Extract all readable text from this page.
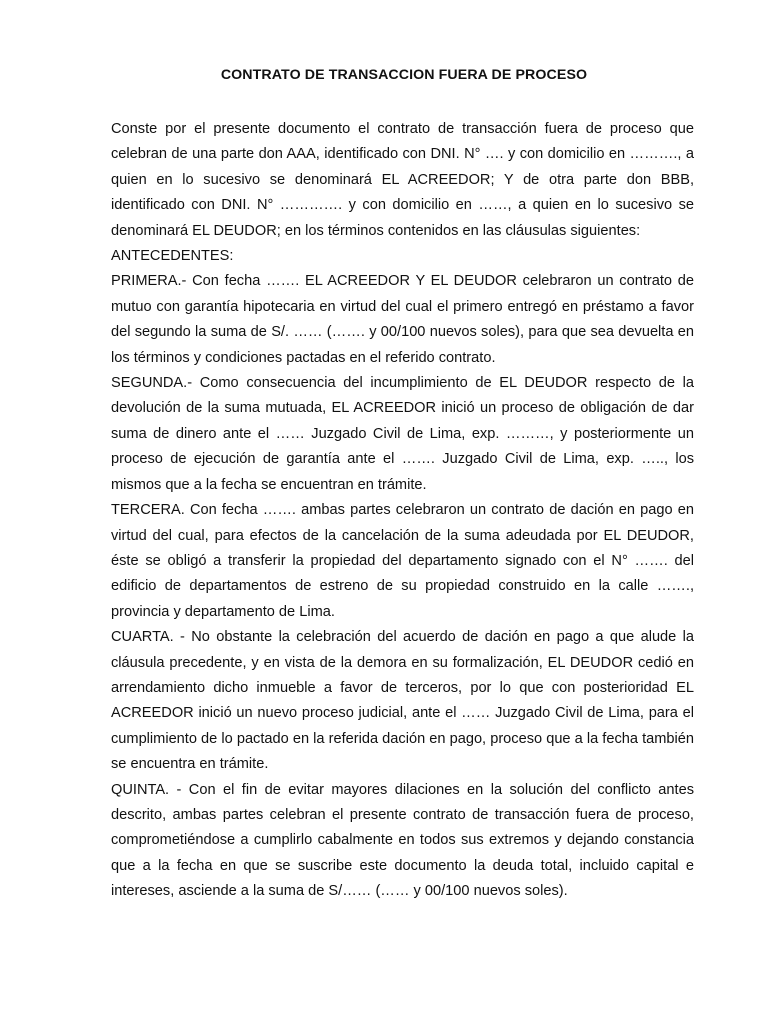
CONTRATO DE TRANSACCION FUERA DE PROCESO

Conste por el presente documento el contrato de transacción fuera de proceso que celebran de una parte don AAA, identificado con DNI. N° …. y con domicilio en ………., a quien en lo sucesivo se denominará EL ACREEDOR; Y de otra parte don BBB, identificado con DNI. N° …………. y con domicilio en ……, a quien en lo sucesivo se denominará EL DEUDOR; en los términos contenidos en las cláusulas siguientes:

ANTECEDENTES:

PRIMERA.- Con fecha ……. EL ACREEDOR Y EL DEUDOR celebraron un contrato de mutuo con garantía hipotecaria en virtud del cual el primero entregó en préstamo a favor del segundo la suma de S/. …… (……. y 00/100 nuevos soles), para que sea devuelta en los términos y condiciones pactadas en el referido contrato.

SEGUNDA.- Como consecuencia del incumplimiento de EL DEUDOR respecto de la devolución de la suma mutuada, EL ACREEDOR inició un proceso de obligación de dar suma de dinero ante el …… Juzgado Civil de Lima, exp. ………, y posteriormente un proceso de ejecución de garantía ante el ……. Juzgado Civil de Lima, exp. ….., los mismos que a la fecha se encuentran en trámite.

TERCERA. Con fecha ……. ambas partes celebraron un contrato de dación en pago en virtud del cual, para efectos de la cancelación de la suma adeudada por EL DEUDOR, éste se obligó a transferir la propiedad del departamento signado con el N° ……. del edificio de departamentos de estreno de su propiedad construido en la calle ……., provincia y departamento de Lima.

CUARTA. - No obstante la celebración del acuerdo de dación en pago a que alude la cláusula precedente, y en vista de la demora en su formalización, EL DEUDOR cedió en arrendamiento dicho inmueble a favor de terceros, por lo que con posterioridad EL ACREEDOR inició un nuevo proceso judicial, ante el …… Juzgado Civil de Lima, para el cumplimiento de lo pactado en la referida dación en pago, proceso que a la fecha también se encuentra en trámite.

QUINTA. - Con el fin de evitar mayores dilaciones en la solución del conflicto antes descrito, ambas partes celebran el presente contrato de transacción fuera de proceso, comprometiéndose a cumplirlo cabalmente en todos sus extremos y dejando constancia que a la fecha en que se suscribe este documento la deuda total, incluido capital e intereses, asciende a la suma de S/…… (…… y 00/100 nuevos soles).
